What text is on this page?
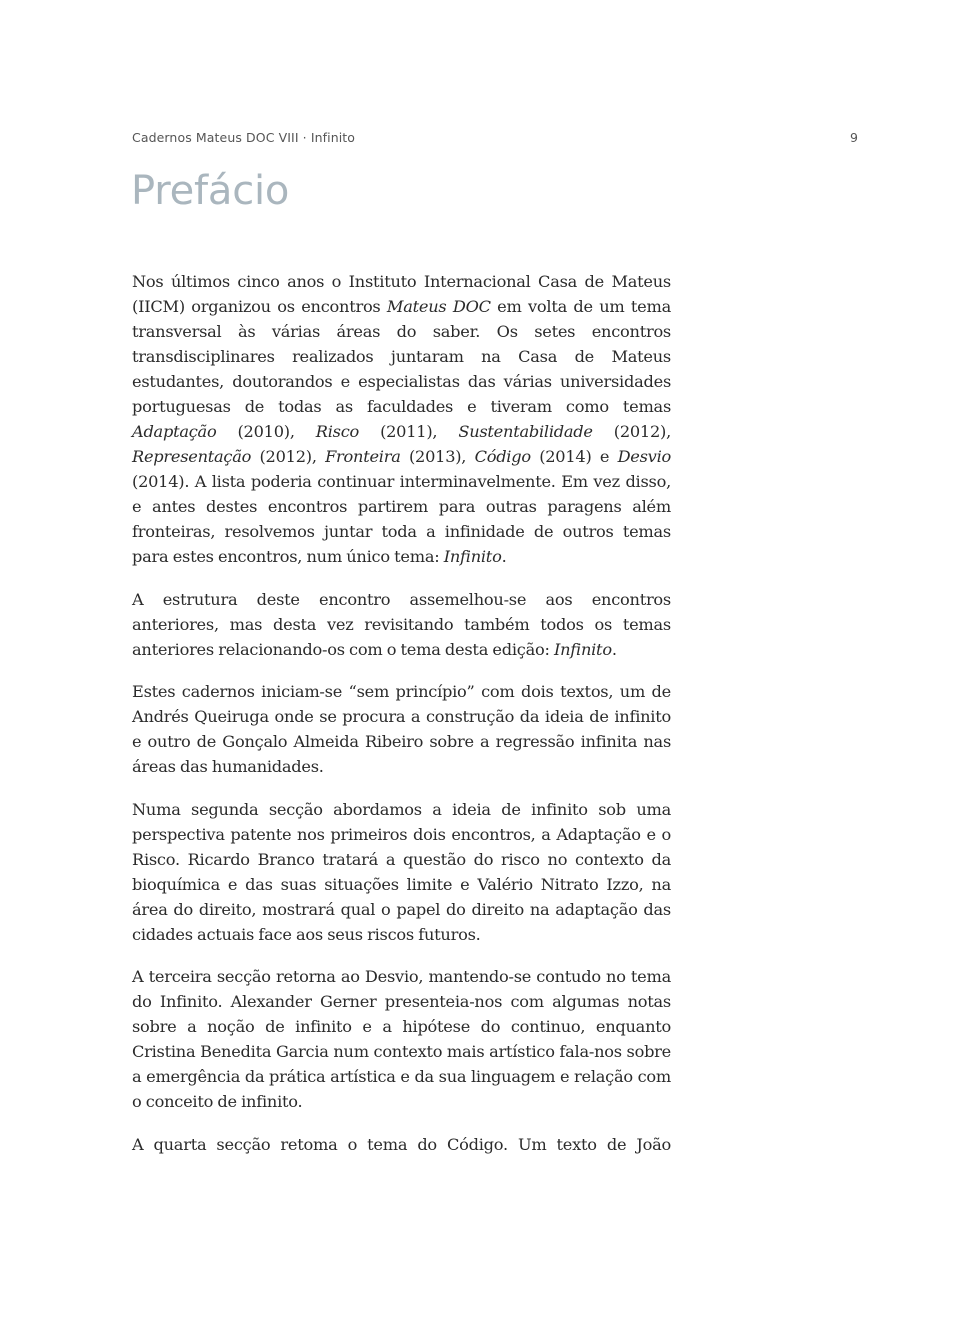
Cadernos Mateus DOC VIII · Infinito	9
Prefácio

Nos últimos cinco anos o Instituto Internacional Casa de Mateus (IICM) organizou os encontros Mateus DOC em volta de um tema transversal às várias áreas do saber. Os setes encontros transdisciplinares realizados juntaram na Casa de Mateus estudantes, doutorandos e especialistas das várias universidades portuguesas de todas as faculdades e tiveram como temas Adaptação (2010), Risco (2011), Sustentabilidade (2012), Representação (2012), Fronteira (2013), Código (2014) e Desvio (2014). A lista poderia continuar interminavelmente. Em vez disso, e antes destes encontros partirem para outras paragens além fronteiras, resolvemos juntar toda a infinidade de outros temas para estes encontros, num único tema: Infinito.

A estrutura deste encontro assemelhou-se aos encontros anteriores, mas desta vez revisitando também todos os temas anteriores relacionando-os com o tema desta edição: Infinito.

Estes cadernos iniciam-se “sem princípio” com dois textos, um de Andrés Queiruga onde se procura a construção da ideia de infinito e outro de Gonçalo Almeida Ribeiro sobre a regressão infinita nas áreas das humanidades.

Numa segunda secção abordamos a ideia de infinito sob uma perspectiva patente nos primeiros dois encontros, a Adaptação e o Risco. Ricardo Branco tratará a questão do risco no contexto da bioquímica e das suas situações limite e Valério Nitrato Izzo, na área do direito, mostrará qual o papel do direito na adaptação das cidades actuais face aos seus riscos futuros.

A terceira secção retorna ao Desvio, mantendo-se contudo no tema do Infinito. Alexander Gerner presenteia-nos com algumas notas sobre a noção de infinito e a hipótese do continuo, enquanto Cristina Benedita Garcia num contexto mais artístico fala-nos sobre a emergência da prática artística e da sua linguagem e relação com o conceito de infinito.

A quarta secção retoma o tema do Código. Um texto de João
